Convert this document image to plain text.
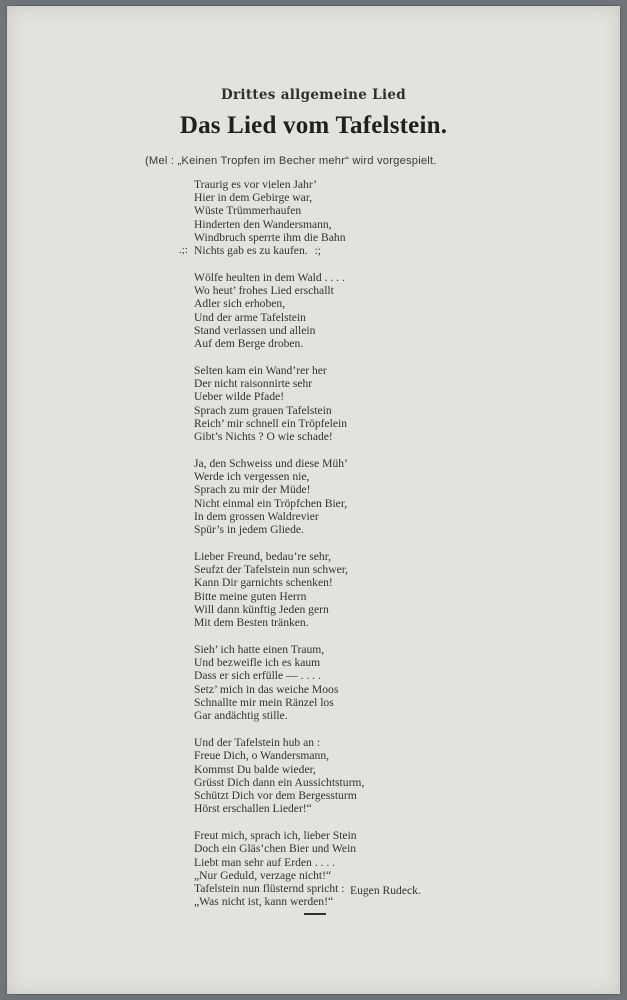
Drittes allgemeine Lied
Das Lied vom Tafelstein.
(Mel : „Keinen Tropfen im Becher mehr“ wird vorgespielt.
Traurig es vor vielen Jahr’
Hier in dem Gebirge war,
Wüste Trümmerhaufen
Hinderten den Wandersmann,
Windbruch sperrte ihm die Bahn
.;: Nichts gab es zu kaufen. :;
Wölfe heulten in dem Wald . . . .
Wo heut’ frohes Lied erschallt
Adler sich erhoben,
Und der arme Tafelstein
Stand verlassen und allein
Auf dem Berge droben.
Selten kam ein Wand’rer her
Der nicht raisonnirte sehr
Ueber wilde Pfade!
Sprach zum grauen Tafelstein
Reich’ mir schnell ein Tröpfelein
Gibt’s Nichts ? O wie schade!
Ja, den Schweiss und diese Müh’
Werde ich vergessen nie,
Sprach zu mir der Müde!
Nicht einmal ein Tröpfchen Bier,
In dem grossen Waldrevier
Spür’s in jedem Gliede.
Lieber Freund, bedau’re sehr,
Seufzt der Tafelstein nun schwer,
Kann Dir garnichts schenken!
Bitte meine guten Herrn
Will dann künftig Jeden gern
Mit dem Besten tränken.
Sieh’ ich hatte einen Traum,
Und bezweifle ich es kaum
Dass er sich erfülle — . . . .
Setz’ mich in das weiche Moos
Schnallte mir mein Ränzel los
Gar andächtig stille.
Und der Tafelstein hub an :
Freue Dich, o Wandersmann,
Kommst Du balde wieder,
Grüsst Dich dann ein Aussichtsturm,
Schützt Dich vor dem Bergessturm
Hörst erschallen Lieder!“
Freut mich, sprach ich, lieber Stein
Doch ein Gläs’chen Bier und Wein
Liebt man sehr auf Erden . . . .
„Nur Geduld, verzage nicht!“
Tafelstein nun flüsternd spricht :
„Was nicht ist, kann werden!“
Eugen Rudeck.
